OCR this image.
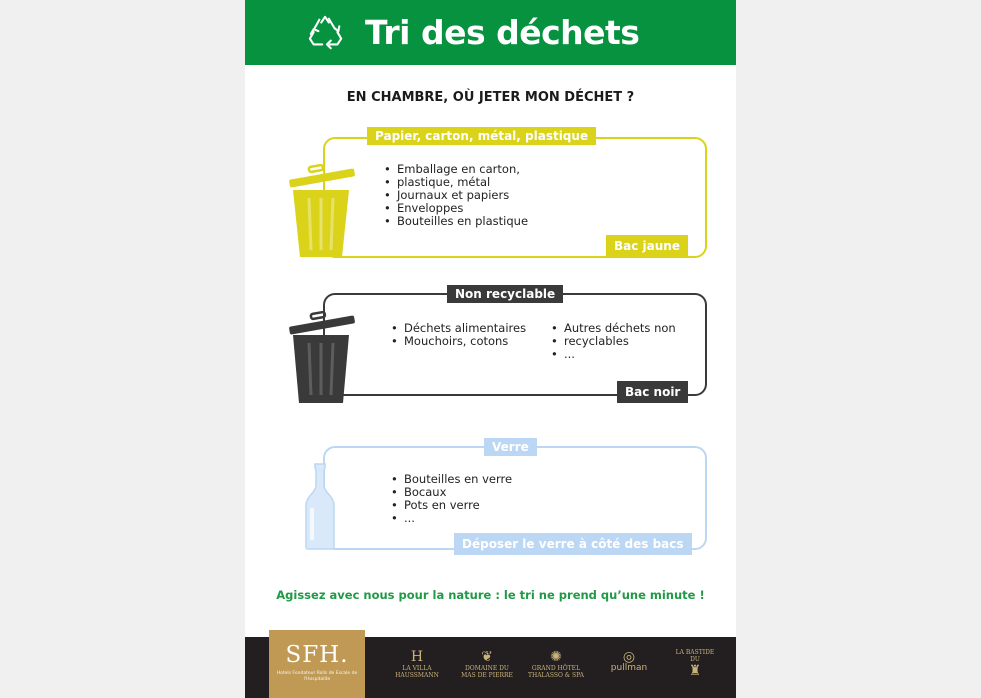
Tri des déchets
EN CHAMBRE, OÙ JETER MON DÉCHET ?
Papier, carton, métal, plastique
• Emballage en carton,
• plastique, métal
• Journaux et papiers
• Enveloppes
• Bouteilles en plastique
Bac jaune
Non recyclable
• Déchets alimentaires
• Mouchoirs, cotons
• Autres déchets non
• recyclables
• ...
Bac noir
Verre
• Bouteilles en verre
• Bocaux
• Pots en verre
• ...
Déposer le verre à côté des bacs
Agissez avec nous pour la nature : le tri ne prend qu’une minute !
SFH.
Hotels Fondateur Rolls de Escale de l'Hospitalite
H
LA VILLA
HAUSSMANN
❦
DOMAINE DU
MAS DE PIERRE
✺
GRAND HÔTEL
THALASSO & SPA
◎
pullman
LA BASTIDE
DU
♜
